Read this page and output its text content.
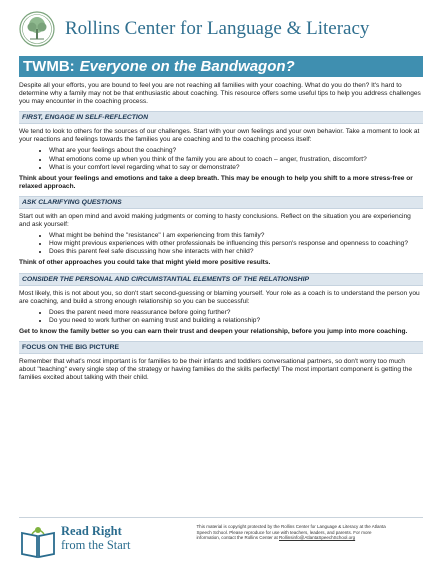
Rollins Center for Language & Literacy
TWMB: Everyone on the Bandwagon?

Despite all your efforts, you are bound to feel you are not reaching all families with your coaching. What do you do then? It's hard to determine why a family may not be that enthusiastic about coaching. This resource offers some useful tips to help you address challenges you may encounter in the coaching process.

FIRST, ENGAGE IN SELF-REFLECTION

We tend to look to others for the sources of our challenges. Start with your own feelings and your own behavior. Take a moment to look at your reactions and feelings towards the families you are coaching and to the coaching process itself:

• What are your feelings about the coaching?
• What emotions come up when you think of the family you are about to coach – anger, frustration, discomfort?
• What is your comfort level regarding what to say or demonstrate?

Think about your feelings and emotions and take a deep breath. This may be enough to help you shift to a more stress-free or relaxed approach.

ASK CLARIFYING QUESTIONS

Start out with an open mind and avoid making judgments or coming to hasty conclusions. Reflect on the situation you are experiencing and ask yourself:

• What might be behind the "resistance" I am experiencing from this family?
• How might previous experiences with other professionals be influencing this person's response and openness to coaching?
• Does this parent feel safe discussing how she interacts with her child?

Think of other approaches you could take that might yield more positive results.

CONSIDER THE PERSONAL AND CIRCUMSTANTIAL ELEMENTS OF THE RELATIONSHIP

Most likely, this is not about you, so don't start second-guessing or blaming yourself. Your role as a coach is to understand the person you are coaching, and build a strong enough relationship so you can be successful:

• Does the parent need more reassurance before going further?
• Do you need to work further on earning trust and building a relationship?

Get to know the family better so you can earn their trust and deepen your relationship, before you jump into more coaching.

FOCUS ON THE BIG PICTURE

Remember that what's most important is for families to be their infants and toddlers conversational partners, so don't worry too much about "teaching" every single step of the strategy or having families do the skills perfectly! The most important component is getting the families excited about talking with their child.

Read Right
from the Start
This material is copyright protected by the Rollins Center for Language & Literacy at the Atlanta Speech School. Please reproduce for use with teachers, leaders, and parents. For more information, contact the Rollins Center at Rollinsinfo@AtlantaSpeechSchool.org
